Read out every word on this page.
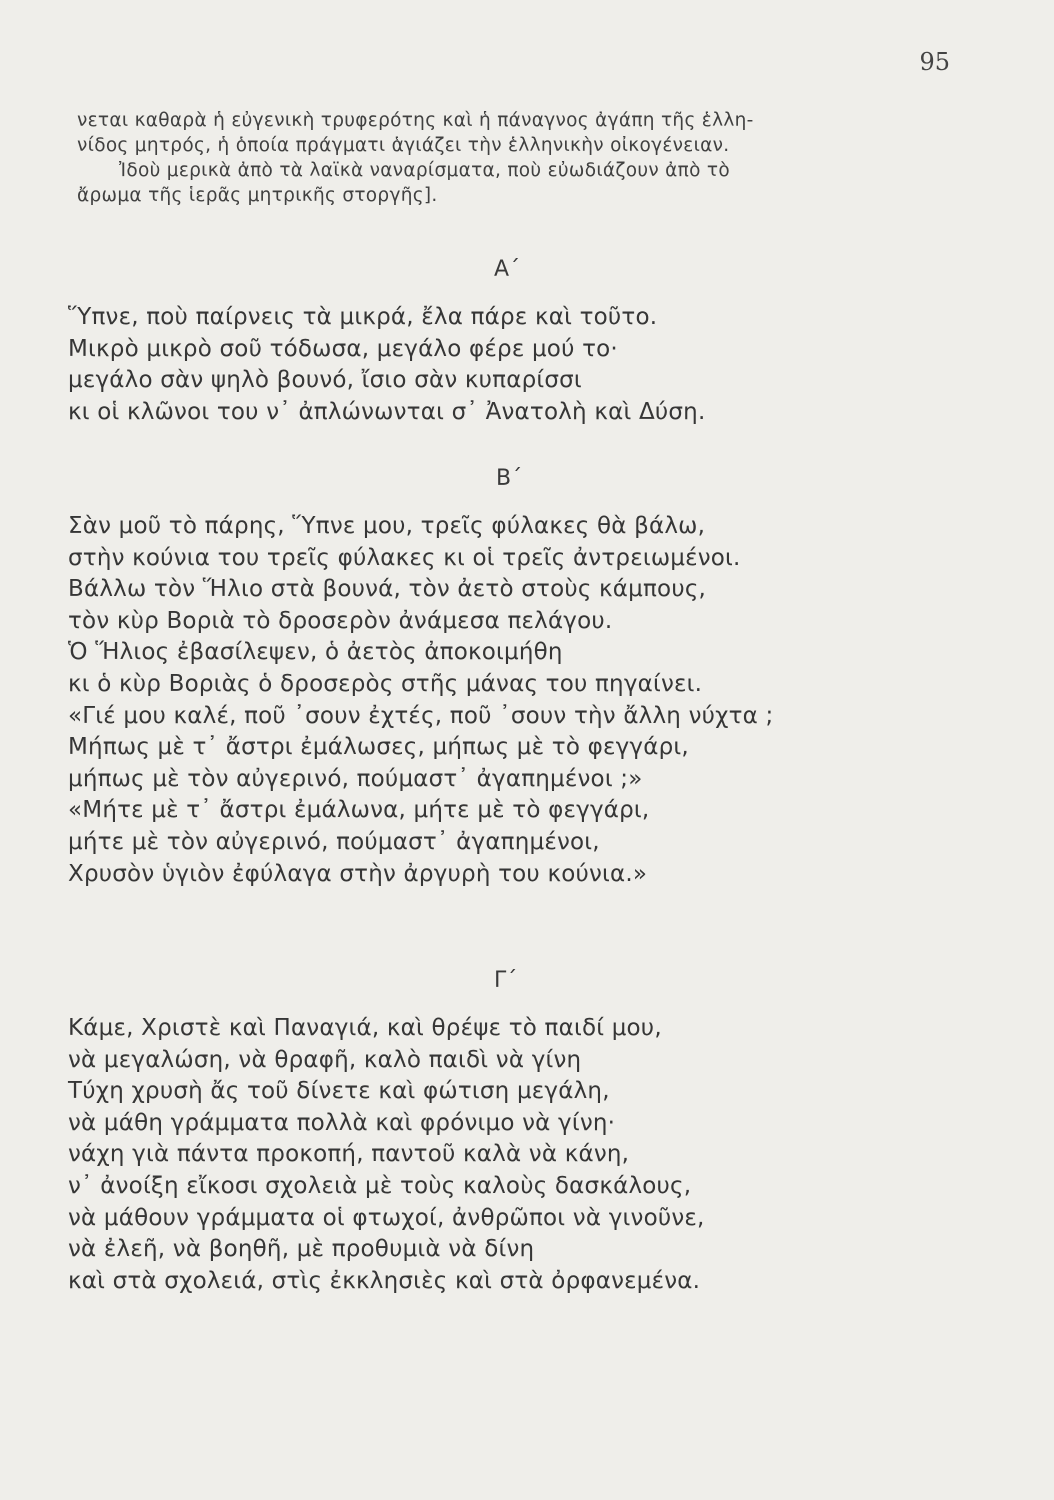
95

νεται καθαρὰ ἡ εὐγενικὴ τρυφερότης καὶ ἡ πάναγνος ἀγάπη τῆς ἑλλη-

νίδος μητρός, ἡ ὁποία πράγματι ἁγιάζει τὴν ἑλληνικὴν οἰκογένειαν.

Ἰδοὺ μερικὰ ἀπὸ τὰ λαϊκὰ ναναρίσματα, ποὺ εὐωδιάζουν ἀπὸ τὸ

ἄρωμα τῆς ἱερᾶς μητρικῆς στοργῆς].

Α΄
Ὕπνε, ποὺ παίρνεις τὰ μικρά, ἔλα πάρε καὶ τοῦτο.
Μικρὸ μικρὸ σοῦ τόδωσα, μεγάλο φέρε μού το·
μεγάλο σὰν ψηλὸ βουνό, ἴσιο σὰν κυπαρίσσι
κι οἱ κλῶνοι του ν᾽ ἀπλώνωνται σ᾽ Ἀνατολὴ καὶ Δύση.
Β΄
Σὰν μοῦ τὸ πάρης, Ὕπνε μου, τρεῖς φύλακες θὰ βάλω,
στὴν κούνια του τρεῖς φύλακες κι οἱ τρεῖς ἀντρειωμένοι.
Βάλλω τὸν Ἥλιο στὰ βουνά, τὸν ἀετὸ στοὺς κάμπους,
τὸν κὺρ Βοριὰ τὸ δροσερὸν ἀνάμεσα πελάγου.
Ὁ Ἥλιος ἐβασίλεψεν, ὁ ἀετὸς ἀποκοιμήθη
κι ὁ κὺρ Βοριὰς ὁ δροσερὸς στῆς μάνας του πηγαίνει.
«Γιέ μου καλέ, ποῦ ᾽σουν ἐχτές, ποῦ ᾽σουν τὴν ἄλλη νύχτα ;
Μήπως μὲ τ᾽ ἄστρι ἐμάλωσες, μήπως μὲ τὸ φεγγάρι,
μήπως μὲ τὸν αὐγερινό, πούμαστ᾽ ἀγαπημένοι ;»
«Μήτε μὲ τ᾽ ἄστρι ἐμάλωνα, μήτε μὲ τὸ φεγγάρι,
μήτε μὲ τὸν αὐγερινό, πούμαστ᾽ ἀγαπημένοι,
Χρυσὸν ὑγιὸν ἐφύλαγα στὴν ἀργυρὴ του κούνια.»
Γ΄
Κάμε, Χριστὲ καὶ Παναγιά, καὶ θρέψε τὸ παιδί μου,
νὰ μεγαλώση, νὰ θραφῆ, καλὸ παιδὶ νὰ γίνη
Τύχη χρυσὴ ἄς τοῦ δίνετε καὶ φώτιση μεγάλη,
νὰ μάθη γράμματα πολλὰ καὶ φρόνιμο νὰ γίνη·
νάχη γιὰ πάντα προκοπή, παντοῦ καλὰ νὰ κάνη,
ν᾽ ἀνοίξη εἴκοσι σχολειὰ μὲ τοὺς καλοὺς δασκάλους,
νὰ μάθουν γράμματα οἱ φτωχοί, ἀνθρῶποι νὰ γινοῦνε,
νὰ ἐλεῆ, νὰ βοηθῆ, μὲ προθυμιὰ νὰ δίνη
καὶ στὰ σχολειά, στὶς ἐκκλησιὲς καὶ στὰ ὀρφανεμένα.
